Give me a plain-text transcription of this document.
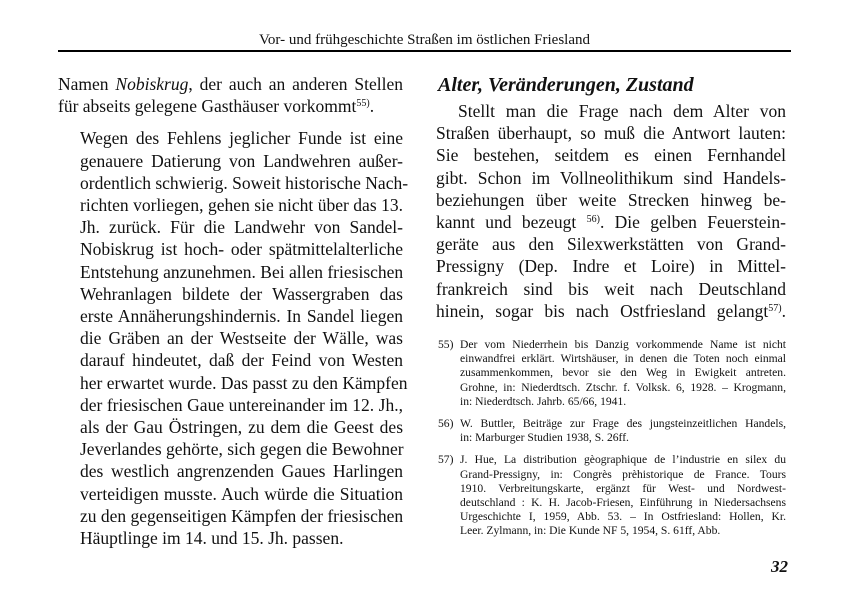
Vor- und frühgeschichte Straßen im östlichen Friesland

Namen Nobiskrug, der auch an anderen Stellen
für abseits gelegene Gasthäuser vorkommt$^{55)}$.

Wegen des Fehlens jeglicher Funde ist eine
genauere Datierung von Landwehren außer-
ordentlich schwierig. Soweit historische Nach-
richten vorliegen, gehen sie nicht über das 13.
Jh. zurück. Für die Landwehr von Sandel-
Nobiskrug ist hoch- oder spätmittelalterliche
Entstehung anzunehmen. Bei allen friesischen
Wehranlagen bildete der Wassergraben das
erste Annäherungshindernis. In Sandel liegen
die Gräben an der Westseite der Wälle, was
darauf hindeutet, daß der Feind von Westen
her erwartet wurde. Das passt zu den Kämpfen
der friesischen Gaue untereinander im 12. Jh.,
als der Gau Östringen, zu dem die Geest des
Jeverlandes gehörte, sich gegen die Bewohner
des westlich angrenzenden Gaues Harlingen
verteidigen musste. Auch würde die Situation
zu den gegenseitigen Kämpfen der friesischen
Häuptlinge im 14. und 15. Jh. passen.

Alter, Veränderungen, Zustand
Stellt man die Frage nach dem Alter von
Straßen überhaupt, so muß die Antwort lauten:
Sie bestehen, seitdem es einen Fernhandel
gibt. Schon im Vollneolithikum sind Handels-
beziehungen über weite Strecken hinweg be-
kannt und bezeugt $^{56)}$. Die gelben Feuerstein-
geräte aus den Silexwerkstätten von Grand-
Pressigny (Dep. Indre et Loire) in Mittel-
frankreich sind bis weit nach Deutschland
hinein, sogar bis nach Ostfriesland gelangt$^{57)}$.
55) Der vom Niederrhein bis Danzig vorkommende Name ist nicht
einwandfrei erklärt. Wirtshäuser, in denen die Toten noch einmal
zusammenkommen, bevor sie den Weg in Ewigkeit antreten.
Grohne, in: Niederdtsch. Ztschr. f. Volksk. 6, 1928. – Krogmann,
in: Niederdtsch. Jahrb. 65/66, 1941.
56) W. Buttler, Beiträge zur Frage des jungsteinzeitlichen Handels,
in: Marburger Studien 1938, S. 26ff.
57) J. Hue, La distribution gèographique de l’industrie en silex du
Grand-Pressigny, in: Congrès prèhistorique de France. Tours
1910. Verbreitungskarte, ergänzt für West- und Nordwest-
deutschland : K. H. Jacob-Friesen, Einführung in Niedersachsens
Urgeschichte I, 1959, Abb. 53. – In Ostfriesland: Hollen, Kr.
Leer. Zylmann, in: Die Kunde NF 5, 1954, S. 61ff, Abb.
32
